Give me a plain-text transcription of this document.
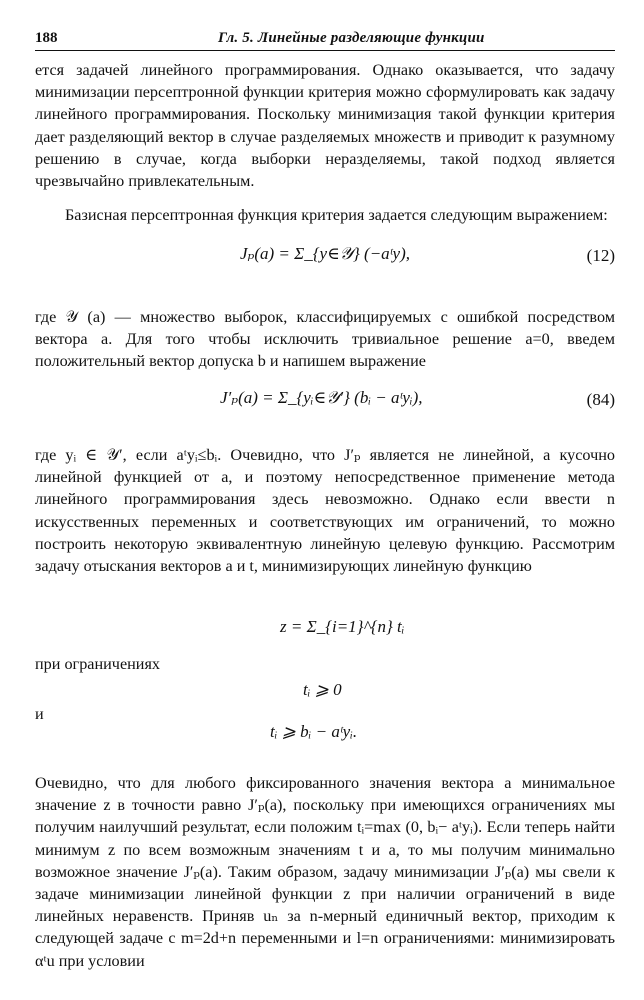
188	Гл. 5. Линейные разделяющие функции

ется задачей линейного программирования. Однако оказывается, что задачу минимизации персептронной функции критерия можно сформулировать как задачу линейного программирования. Поскольку минимизация такой функции критерия дает разделяющий вектор в случае разделяемых множеств и приводит к разумному решению в случае, когда выборки неразделяемы, такой подход является чрезвычайно привлекательным.

Базисная персептронная функция критерия задается следующим выражением:

Jₚ(a) = Σ_{y∈𝒴} (−aᵗy),	(12)

где 𝒴 (a) — множество выборок, классифицируемых с ошибкой посредством вектора a. Для того чтобы исключить тривиальное решение a=0, введем положительный вектор допуска b и напишем выражение

J′ₚ(a) = Σ_{yᵢ∈𝒴′} (bᵢ − aᵗyᵢ),	(84)

где yᵢ ∈ 𝒴′, если aᵗyᵢ≤bᵢ. Очевидно, что J′ₚ является не линейной, а кусочно линейной функцией от a, и поэтому непосредственное применение метода линейного программирования здесь невозможно. Однако если ввести n искусственных переменных и соответствующих им ограничений, то можно построить некоторую эквивалентную линейную целевую функцию. Рассмотрим задачу отыскания векторов a и t, минимизирующих линейную функцию

z = Σ_{i=1}^{n} tᵢ

при ограничениях

tᵢ ⩾ 0

и

tᵢ ⩾ bᵢ − aᵗyᵢ.

Очевидно, что для любого фиксированного значения вектора a минимальное значение z в точности равно J′ₚ(a), поскольку при имеющихся ограничениях мы получим наилучший результат, если положим tᵢ=max (0, bᵢ− aᵗyᵢ). Если теперь найти минимум z по всем возможным значениям t и a, то мы получим минимально возможное значение J′ₚ(a). Таким образом, задачу минимизации J′ₚ(a) мы свели к задаче минимизации линейной функции z при наличии ограничений в виде линейных неравенств. Приняв uₙ за n-мерный единичный вектор, приходим к следующей задаче с m=2d+n переменными и l=n ограничениями: минимизировать αᵗu при условии
